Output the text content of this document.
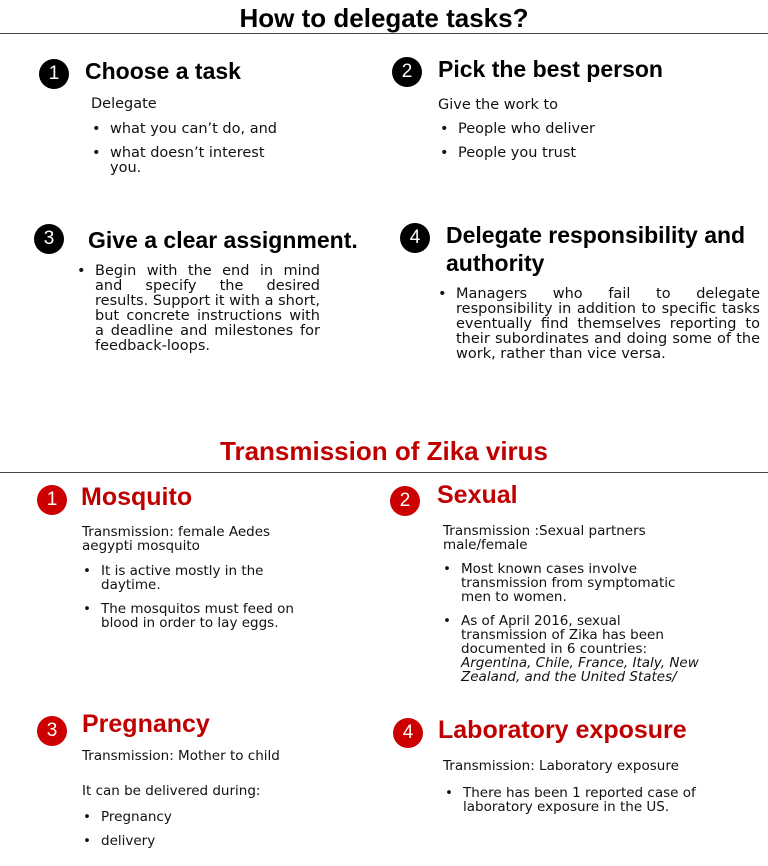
How to delegate tasks?
1	Choose a task
Delegate
• what you can’t do, and
• what doesn’t interest you.
2	Pick the best person
Give the work to
• People who deliver
• People you trust
3	Give a clear assignment.
• Begin with the end in mind and specify the desired results. Support it with a short, but concrete instructions with a deadline and milestones for feedback-loops.
4	Delegate responsibility and
authority
• Managers who fail to delegate responsibility in addition to specific tasks eventually find themselves reporting to their subordinates and doing some of the work, rather than vice versa.
Transmission of Zika virus
1 Mosquito
Transmission: female Aedes aegypti mosquito
• It is active mostly in the daytime.
• The mosquitos must feed on blood in order to lay eggs.
2	Sexual
Transmission :Sexual partners male/female
• Most known cases involve transmission from symptomatic men to women.
• As of April 2016, sexual transmission of Zika has been documented in 6 countries: Argentina, Chile, France, Italy, New Zealand, and the United States/
3 Pregnancy
Transmission: Mother to child
It can be delivered during:
• Pregnancy
• delivery
4 Laboratory exposure
Transmission: Laboratory exposure
• There has been 1 reported case of laboratory exposure in the US.
